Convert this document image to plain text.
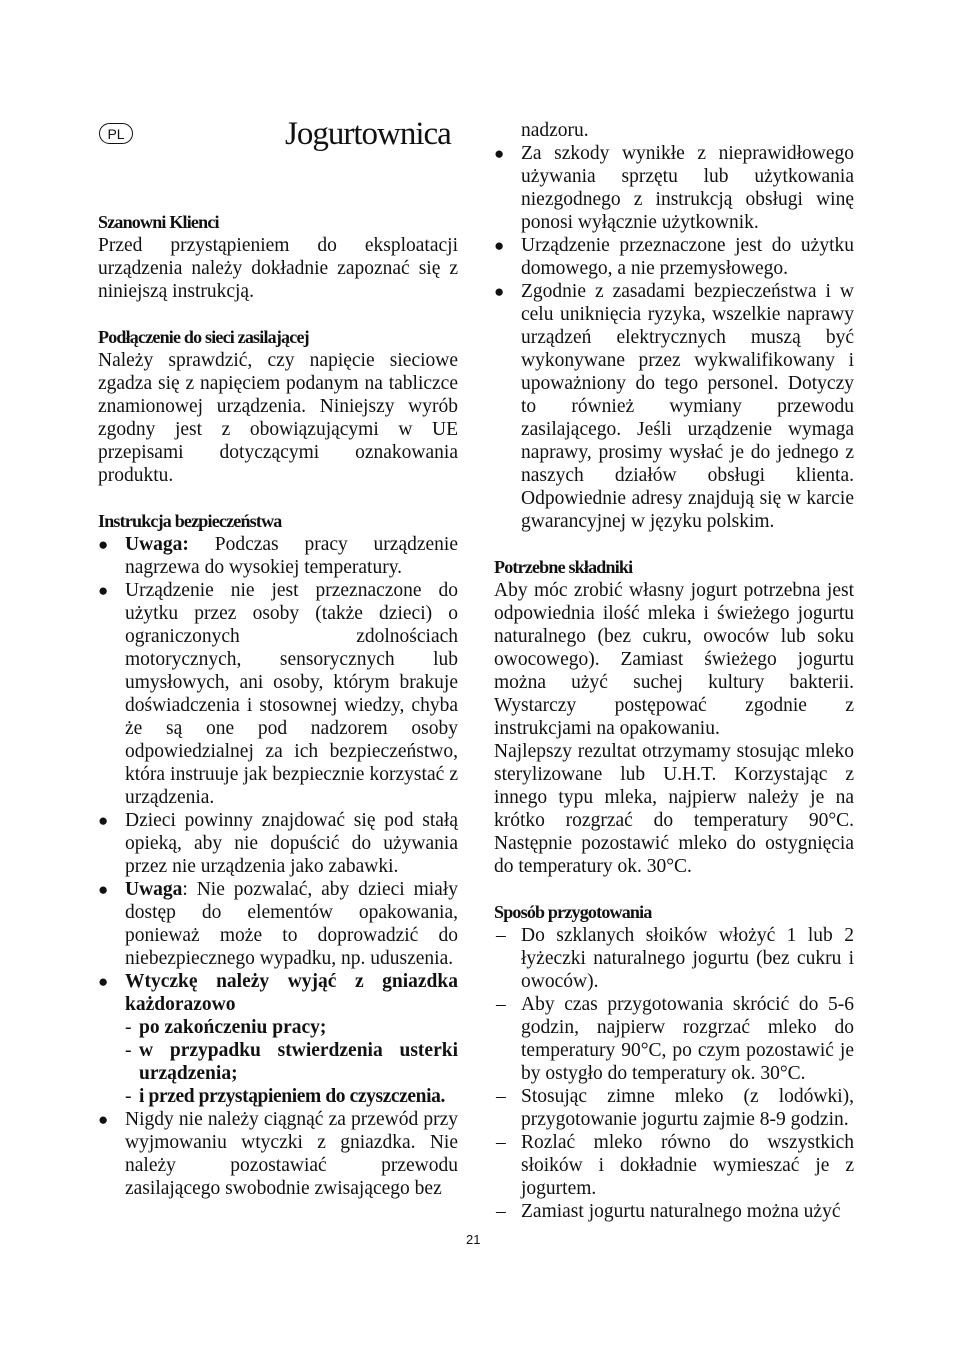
PL	Jogurtownica
Szanowni Klienci

Przed przystąpieniem do eksploatacji urządzenia należy dokładnie zapoznać się z niniejszą instrukcją.

Podłączenie do sieci zasilającej

Należy sprawdzić, czy napięcie sieciowe zgadza się z napięciem podanym na tabliczce znamionowej urządzenia. Niniejszy wyrób zgodny jest z obowiązującymi w UE przepisami dotyczącymi oznakowania produktu.

Instrukcja bezpieczeństwa
● Uwaga: Podczas pracy urządzenie nagrzewa do wysokiej temperatury.
● Urządzenie nie jest przeznaczone do użytku przez osoby (także dzieci) o ograniczonych zdolnościach motorycznych, sensorycznych lub umysłowych, ani osoby, którym brakuje doświadczenia i stosownej wiedzy, chyba że są one pod nadzorem osoby odpowiedzialnej za ich bezpieczeństwo, która instruuje jak bezpiecznie korzystać z urządzenia.
● Dzieci powinny znajdować się pod stałą opieką, aby nie dopuścić do używania przez nie urządzenia jako zabawki.
● Uwaga: Nie pozwalać, aby dzieci miały dostęp do elementów opakowania, ponieważ może to doprowadzić do niebezpiecznego wypadku, np. uduszenia.
● Wtyczkę należy wyjąć z gniazdka każdorazowo
- po zakończeniu pracy;
- w przypadku stwierdzenia usterki urządzenia;
- i przed przystąpieniem do czyszczenia.
● Nigdy nie należy ciągnąć za przewód przy wyjmowaniu wtyczki z gniazdka. Nie należy pozostawiać przewodu zasilającego swobodnie zwisającego bez

nadzoru.

● Za szkody wynikłe z nieprawidłowego używania sprzętu lub użytkowania niezgodnego z instrukcją obsługi winę ponosi wyłącznie użytkownik.
● Urządzenie przeznaczone jest do użytku domowego, a nie przemysłowego.
● Zgodnie z zasadami bezpieczeństwa i w celu uniknięcia ryzyka, wszelkie naprawy urządzeń elektrycznych muszą być wykonywane przez wykwalifikowany i upoważniony do tego personel. Dotyczy to również wymiany przewodu zasilającego. Jeśli urządzenie wymaga naprawy, prosimy wysłać je do jednego z naszych działów obsługi klienta. Odpowiednie adresy znajdują się w karcie gwarancyjnej w języku polskim.
Potrzebne składniki

Aby móc zrobić własny jogurt potrzebna jest odpowiednia ilość mleka i świeżego jogurtu naturalnego (bez cukru, owoców lub soku owocowego). Zamiast świeżego jogurtu można użyć suchej kultury bakterii. Wystarczy postępować zgodnie z instrukcjami na opakowaniu.

Najlepszy rezultat otrzymamy stosując mleko sterylizowane lub U.H.T. Korzystając z innego typu mleka, najpierw należy je na krótko rozgrzać do temperatury 90°C. Następnie pozostawić mleko do ostygnięcia do temperatury ok. 30°C.

Sposób przygotowania
– Do szklanych słoików włożyć 1 lub 2 łyżeczki naturalnego jogurtu (bez cukru i owoców).
– Aby czas przygotowania skrócić do 5-6 godzin, najpierw rozgrzać mleko do temperatury 90°C, po czym pozostawić je by ostygło do temperatury ok. 30°C.
– Stosując zimne mleko (z lodówki), przygotowanie jogurtu zajmie 8-9 godzin.
– Rozlać mleko równo do wszystkich słoików i dokładnie wymieszać je z jogurtem.
– Zamiast jogurtu naturalnego można użyć
21
